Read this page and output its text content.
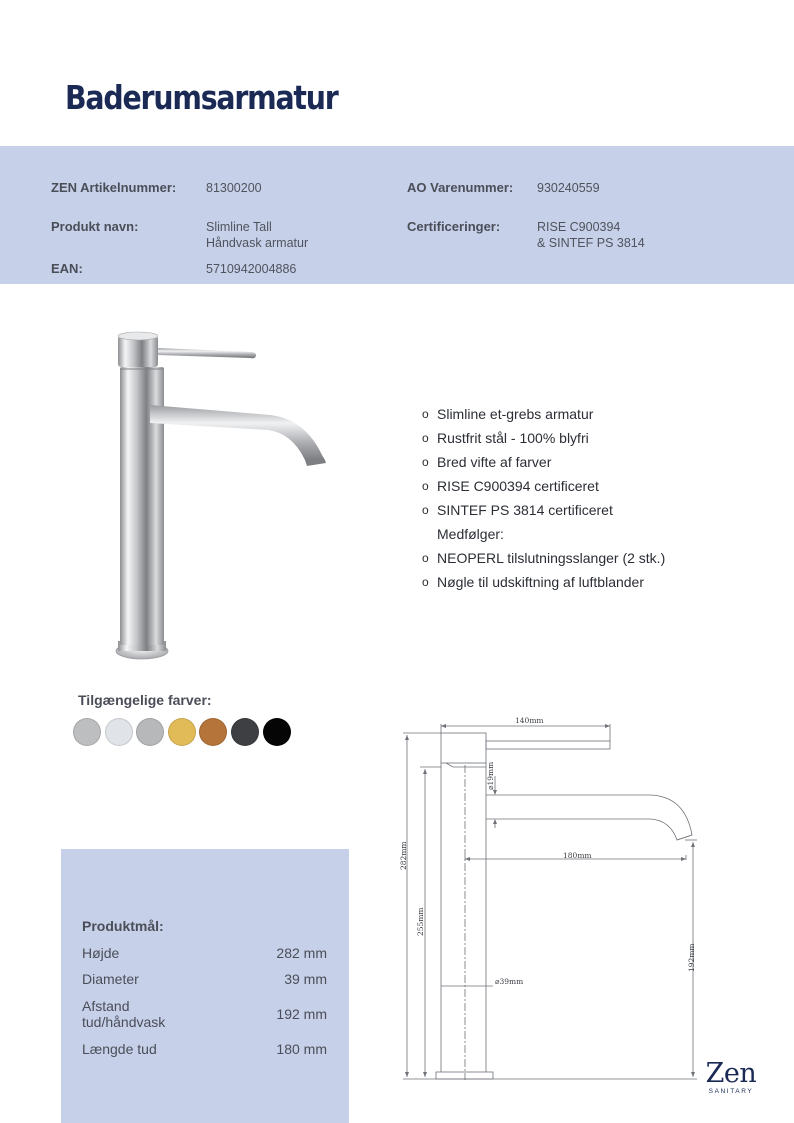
Baderumsarmatur
ZEN Artikelnummer: 81300200	AO Varenummer: 930240559
Produkt navn:	Slimline Tall
Håndvask armatur
Certificeringer:	RISE C900394
& SINTEF PS 3814
EAN:	5710942004886
o Slimline et-grebs armatur
o Rustfrit stål - 100% blyfri
o Bred vifte af farver
o RISE C900394 certificeret
o SINTEF PS 3814 certificeret
Medfølger:
o NEOPERL tilslutningsslanger (2 stk.)
o Nøgle til udskiftning af luftblander
Tilgængelige farver:
Produktmål:
Højde	282 mm
Diameter	39 mm
Afstand tud/håndvask	192 mm
Længde tud	180 mm
140mm
180mm
⌀39mm
282mm
255mm
192mm
⌀19mm
Zen
SANITARY
